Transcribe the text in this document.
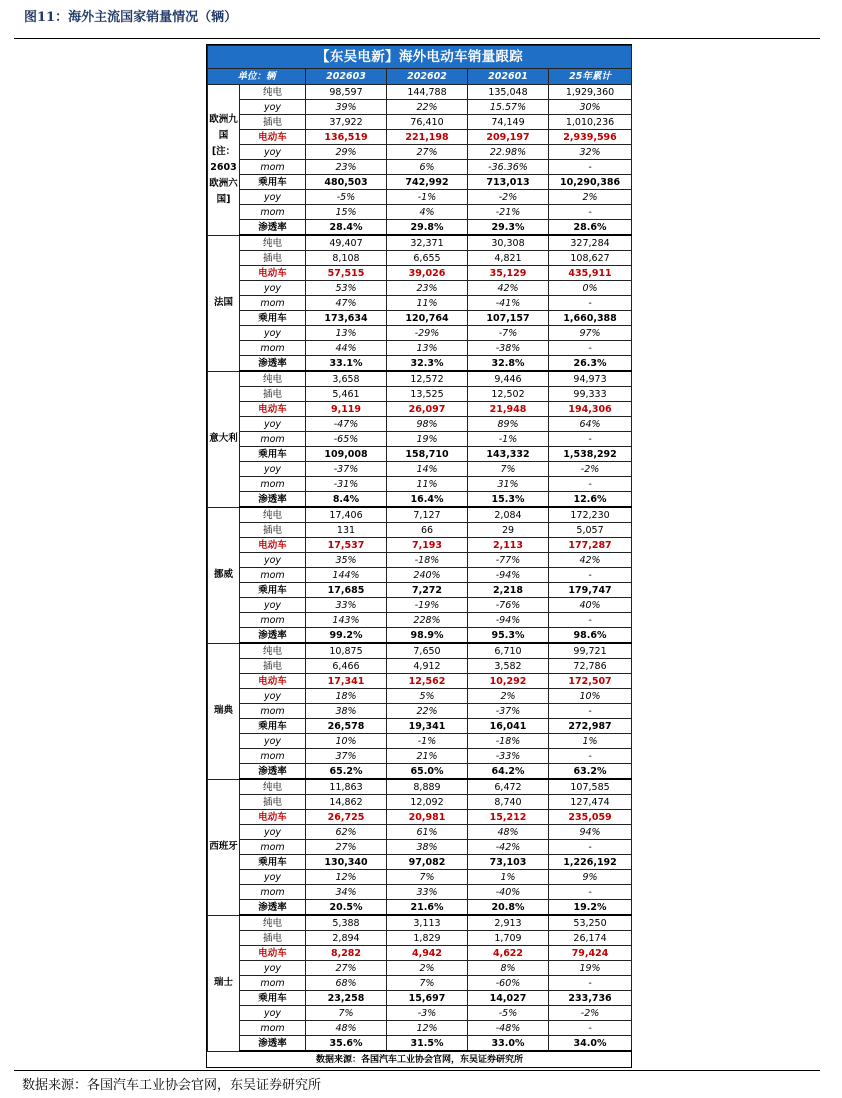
图11：海外主流国家销量情况（辆）
【东吴电新】海外电动车销量跟踪					
单位：辆		202603	202602	202601	25年累计
欧洲九国[注：2603欧洲六国]	纯电	98,597	144,788	135,048	1,929,360
	yoy	39%	22%	15.57%	30%
	插电	37,922	76,410	74,149	1,010,236
	电动车	136,519	221,198	209,197	2,939,596
	yoy	29%	27%	22.98%	32%
	mom	23%	6%	-36.36%	-
	乘用车	480,503	742,992	713,013	10,290,386
	yoy	-5%	-1%	-2%	2%
	mom	15%	4%	-21%	-
	渗透率	28.4%	29.8%	29.3%	28.6%
法国	纯电	49,407	32,371	30,308	327,284
	插电	8,108	6,655	4,821	108,627
	电动车	57,515	39,026	35,129	435,911
	yoy	53%	23%	42%	0%
	mom	47%	11%	-41%	-
	乘用车	173,634	120,764	107,157	1,660,388
	yoy	13%	-29%	-7%	97%
	mom	44%	13%	-38%	-
	渗透率	33.1%	32.3%	32.8%	26.3%
意大利	纯电	3,658	12,572	9,446	94,973
	插电	5,461	13,525	12,502	99,333
	电动车	9,119	26,097	21,948	194,306
	yoy	-47%	98%	89%	64%
	mom	-65%	19%	-1%	-
	乘用车	109,008	158,710	143,332	1,538,292
	yoy	-37%	14%	7%	-2%
	mom	-31%	11%	31%	-
	渗透率	8.4%	16.4%	15.3%	12.6%
挪威	纯电	17,406	7,127	2,084	172,230
	插电	131	66	29	5,057
	电动车	17,537	7,193	2,113	177,287
	yoy	35%	-18%	-77%	42%
	mom	144%	240%	-94%	-
	乘用车	17,685	7,272	2,218	179,747
	yoy	33%	-19%	-76%	40%
	mom	143%	228%	-94%	-
	渗透率	99.2%	98.9%	95.3%	98.6%
瑞典	纯电	10,875	7,650	6,710	99,721
	插电	6,466	4,912	3,582	72,786
	电动车	17,341	12,562	10,292	172,507
	yoy	18%	5%	2%	10%
	mom	38%	22%	-37%	-
	乘用车	26,578	19,341	16,041	272,987
	yoy	10%	-1%	-18%	1%
	mom	37%	21%	-33%	-
	渗透率	65.2%	65.0%	64.2%	63.2%
西班牙	纯电	11,863	8,889	6,472	107,585
	插电	14,862	12,092	8,740	127,474
	电动车	26,725	20,981	15,212	235,059
	yoy	62%	61%	48%	94%
	mom	27%	38%	-42%	-
	乘用车	130,340	97,082	73,103	1,226,192
	yoy	12%	7%	1%	9%
	mom	34%	33%	-40%	-
	渗透率	20.5%	21.6%	20.8%	19.2%
瑞士	纯电	5,388	3,113	2,913	53,250
	插电	2,894	1,829	1,709	26,174
	电动车	8,282	4,942	4,622	79,424
	yoy	27%	2%	8%	19%
	mom	68%	7%	-60%	-
	乘用车	23,258	15,697	14,027	233,736
	yoy	7%	-3%	-5%	-2%
	mom	48%	12%	-48%	-
	渗透率	35.6%	31.5%	33.0%	34.0%
数据来源：各国汽车工业协会官网，东吴证券研究所					
数据来源：各国汽车工业协会官网，东吴证券研究所
